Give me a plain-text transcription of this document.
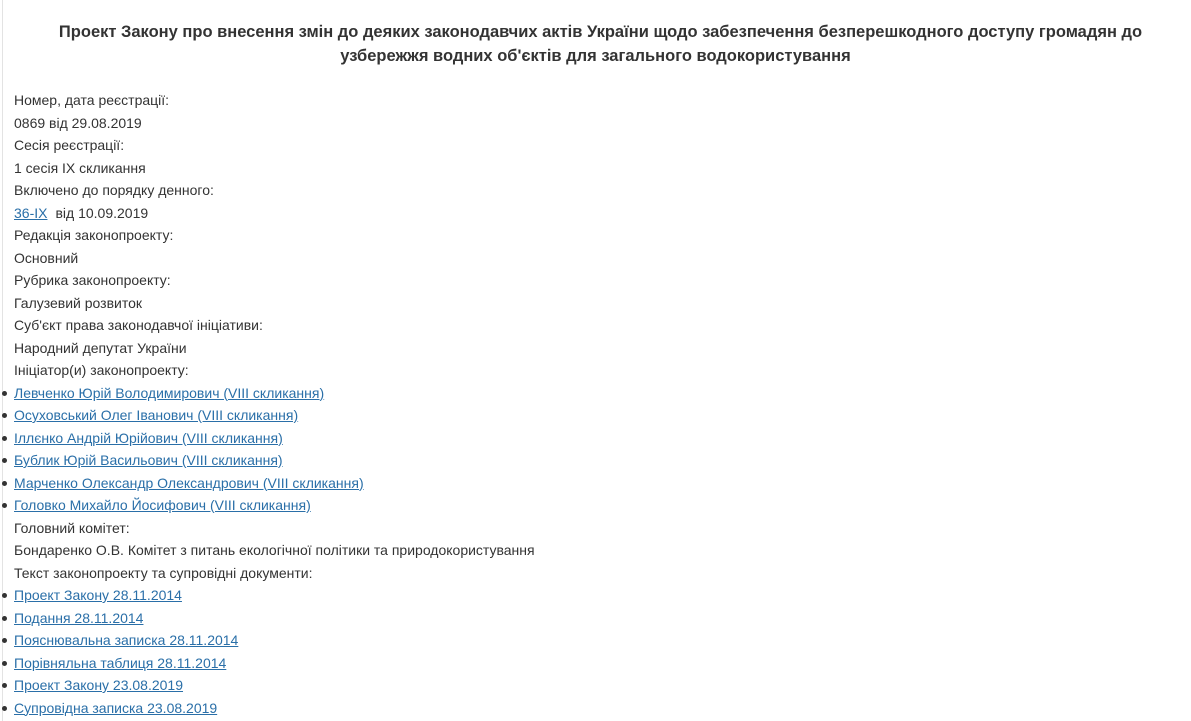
Проект Закону про внесення змін до деяких законодавчих актів України щодо забезпечення безперешкодного доступу громадян до
узбережжя водних об'єктів для загального водокористування
Номер, дата реєстрації:
0869 від 29.08.2019
Сесія реєстрації:
1 сесія IX скликання
Включено до порядку денного:
36-IX від 10.09.2019
Редакція законопроекту:
Основний
Рубрика законопроекту:
Галузевий розвиток
Суб'єкт права законодавчої ініціативи:
Народний депутат України
Ініціатор(и) законопроекту:
Левченко Юрій Володимирович (VIII скликання)
Осуховський Олег Іванович (VIII скликання)
Іллєнко Андрій Юрійович (VIII скликання)
Бублик Юрій Васильович (VIII скликання)
Марченко Олександр Олександрович (VIII скликання)
Головко Михайло Йосифович (VIII скликання)
Головний комітет:
Бондаренко О.В. Комітет з питань екологічної політики та природокористування
Текст законопроекту та супровідні документи:
Проект Закону 28.11.2014
Подання 28.11.2014
Пояснювальна записка 28.11.2014
Порівняльна таблиця 28.11.2014
Проект Закону 23.08.2019
Супровідна записка 23.08.2019
